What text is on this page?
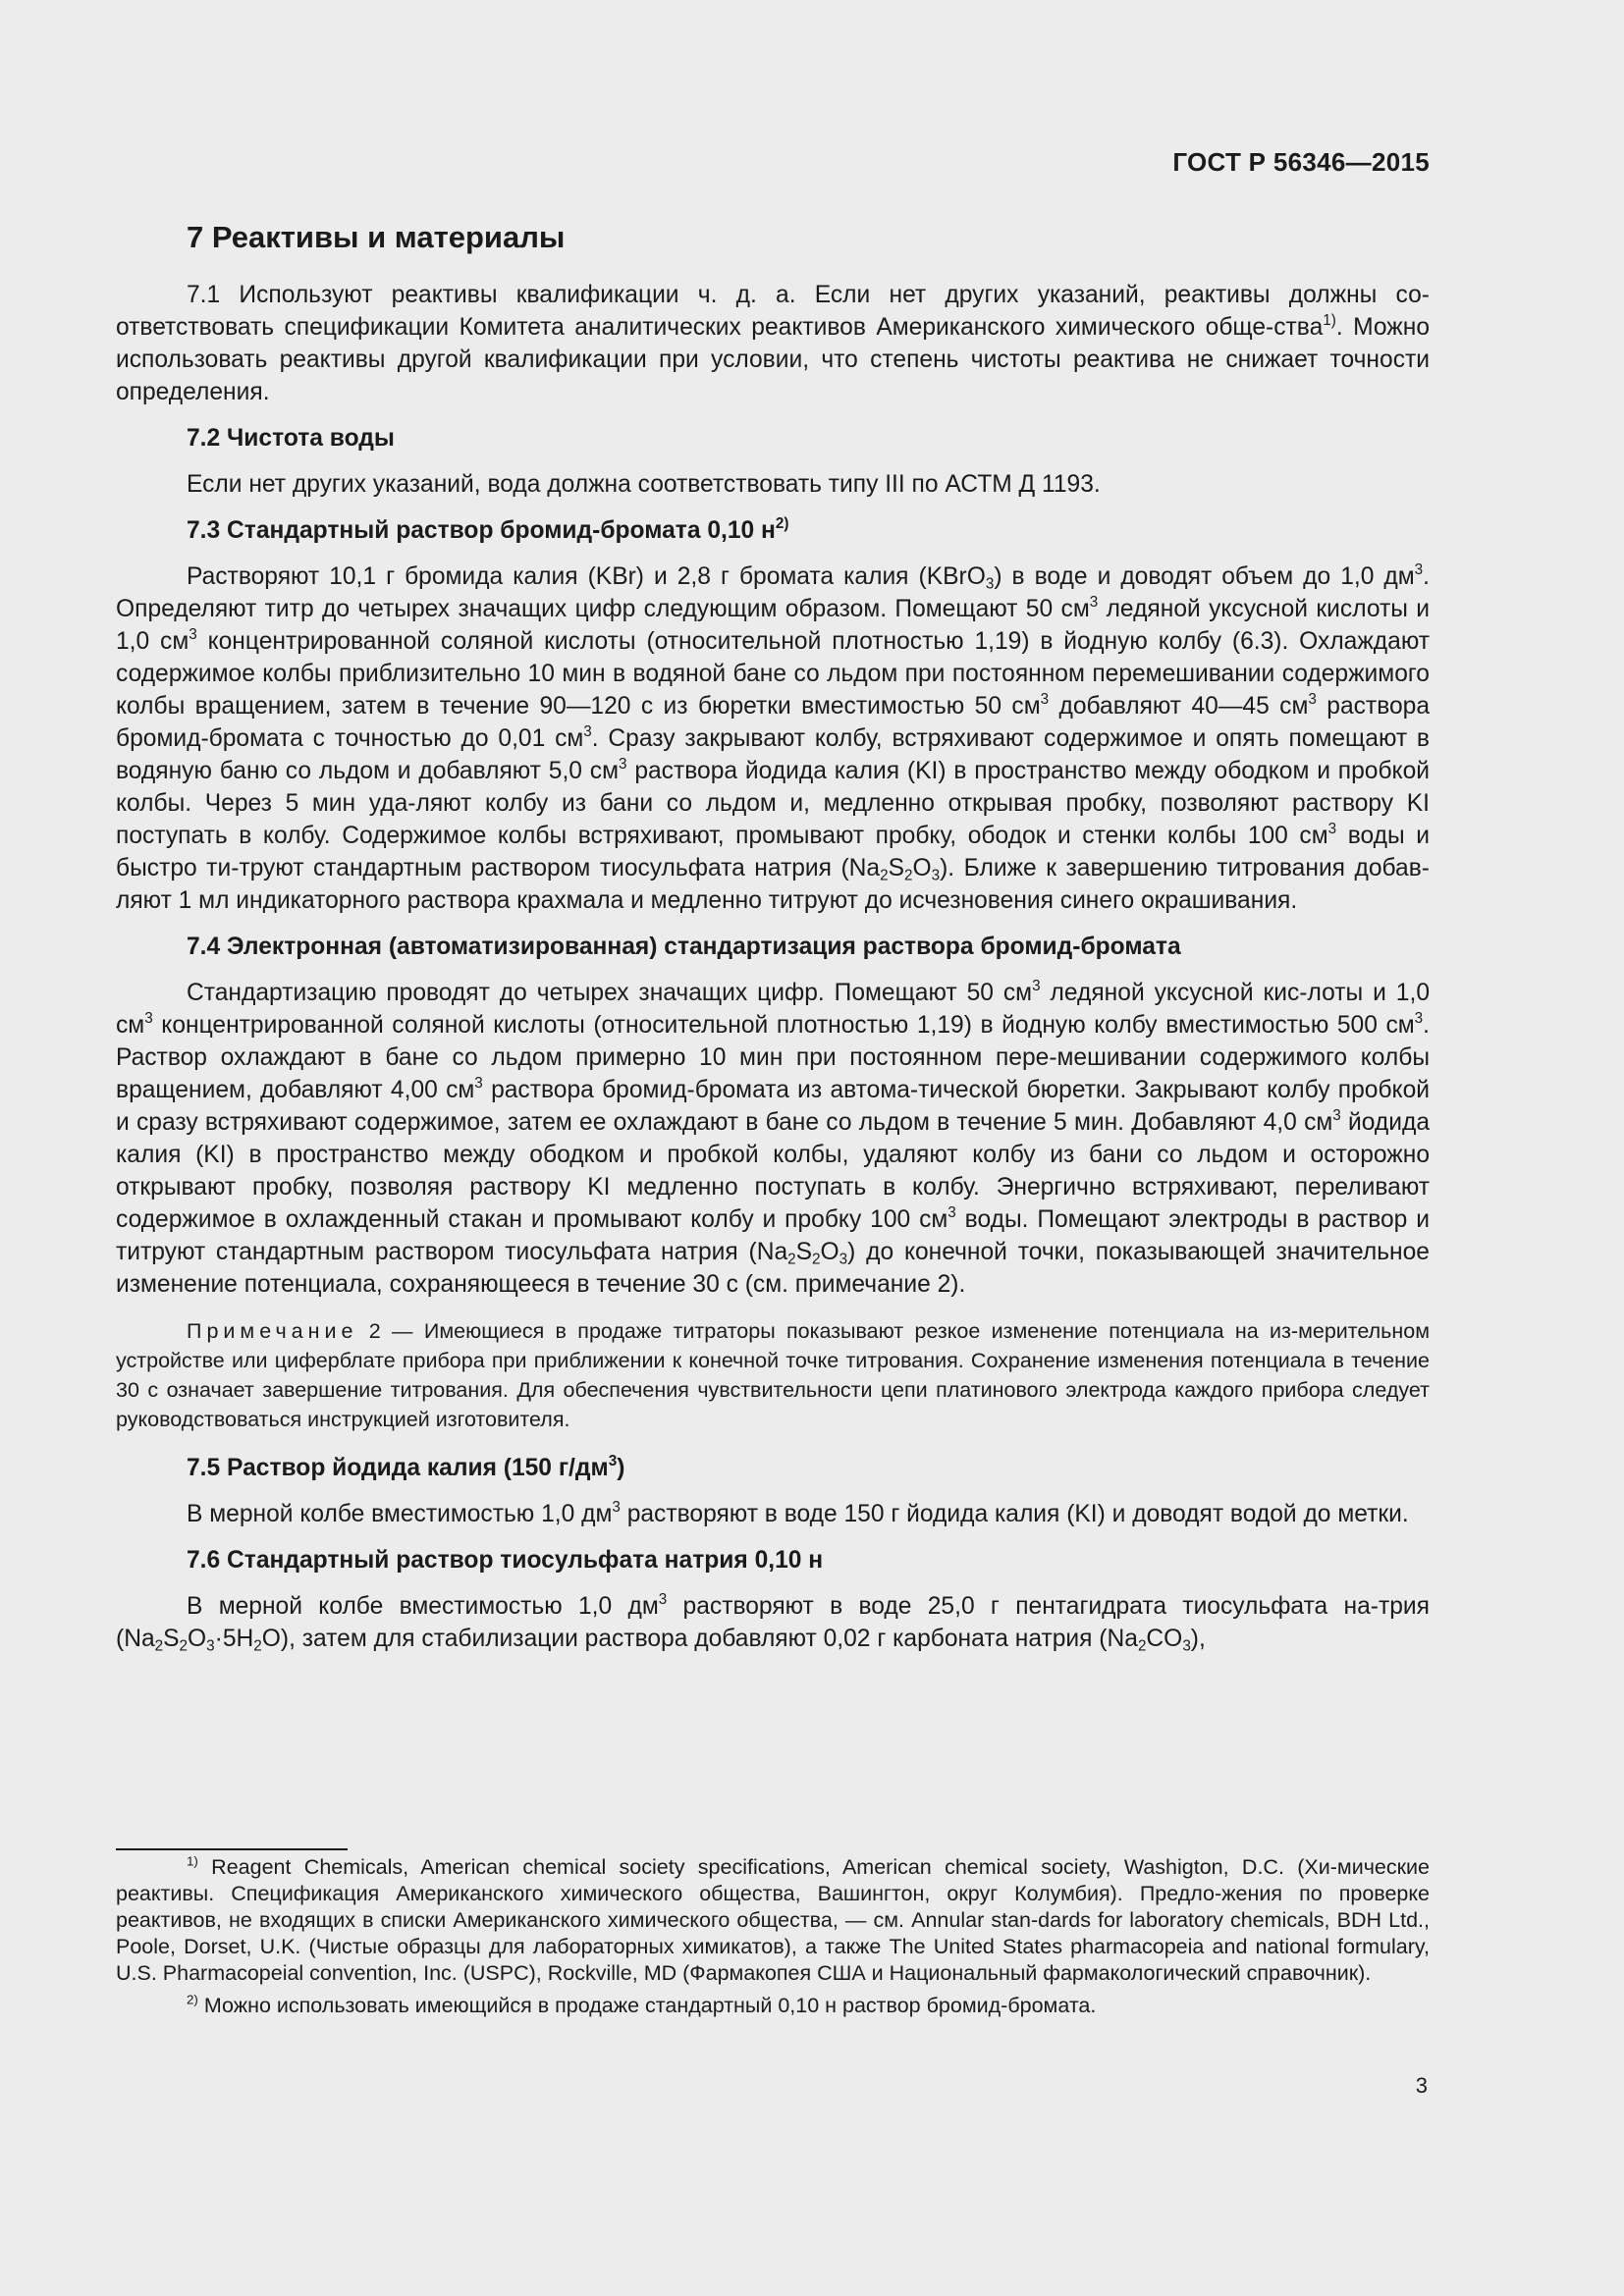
ГОСТ Р 56346—2015
7 Реактивы и материалы

7.1 Используют реактивы квалификации ч. д. а. Если нет других указаний, реактивы должны со-ответствовать спецификации Комитета аналитических реактивов Американского химического обще-ства$^{1)}$. Можно использовать реактивы другой квалификации при условии, что степень чистоты реактива не снижает точности определения.

7.2 Чистота воды

Если нет других указаний, вода должна соответствовать типу III по АСТМ Д 1193.

7.3 Стандартный раствор бромид-бромата 0,10 $н^{2)}$

Растворяют 10,1 г бромида калия (KBr) и 2,8 г бромата калия (KBrO$_3$) в воде и доводят объем до 1,0 $дм^3$. Определяют титр до четырех значащих цифр следующим образом. Помещают 50 $см^3$ ледяной уксусной кислоты и 1,0 $см^3$ концентрированной соляной кислоты (относительной плотностью 1,19) в йодную колбу (6.3). Охлаждают содержимое колбы приблизительно 10 мин в водяной бане со льдом при постоянном перемешивании содержимого колбы вращением, затем в течение 90—120 с из бюретки вместимостью 50 $см^3$ добавляют 40—45 $см^3$ раствора бромид-бромата с точностью до 0,01 $см^3$. Сразу закрывают колбу, встряхивают содержимое и опять помещают в водяную баню со льдом и добавляют 5,0 $см^3$ раствора йодида калия (KI) в пространство между ободком и пробкой колбы. Через 5 мин уда-ляют колбу из бани со льдом и, медленно открывая пробку, позволяют раствору KI поступать в колбу. Содержимое колбы встряхивают, промывают пробку, ободок и стенки колбы 100 $см^3$ воды и быстро ти-труют стандартным раствором тиосульфата натрия $(Na_2S_2O_3)$. Ближе к завершению титрования добав-ляют 1 мл индикаторного раствора крахмала и медленно титруют до исчезновения синего окрашивания.

7.4 Электронная (автоматизированная) стандартизация раствора бромид-бромата

Стандартизацию проводят до четырех значащих цифр. Помещают 50 $см^3$ ледяной уксусной кис-лоты и 1,0 $см^3$ концентрированной соляной кислоты (относительной плотностью 1,19) в йодную колбу вместимостью 500 $см^3$. Раствор охлаждают в бане со льдом примерно 10 мин при постоянном пере-мешивании содержимого колбы вращением, добавляют 4,00 $см^3$ раствора бромид-бромата из автома-тической бюретки. Закрывают колбу пробкой и сразу встряхивают содержимое, затем ее охлаждают в бане со льдом в течение 5 мин. Добавляют 4,0 $см^3$ йодида калия (KI) в пространство между ободком и пробкой колбы, удаляют колбу из бани со льдом и осторожно открывают пробку, позволяя раствору KI медленно поступать в колбу. Энергично встряхивают, переливают содержимое в охлажденный стакан и промывают колбу и пробку 100 $см^3$ воды. Помещают электроды в раствор и титруют стандартным раствором тиосульфата натрия $(Na_2S_2O_3)$ до конечной точки, показывающей значительное изменение потенциала, сохраняющееся в течение 30 с (см. примечание 2).

Примечание 2 — Имеющиеся в продаже титраторы показывают резкое изменение потенциала на из-мерительном устройстве или циферблате прибора при приближении к конечной точке титрования. Сохранение изменения потенциала в течение 30 с означает завершение титрования. Для обеспечения чувствительности цепи платинового электрода каждого прибора следует руководствоваться инструкцией изготовителя.

7.5 Раствор йодида калия (150 $г/дм^3$)

В мерной колбе вместимостью 1,0 $дм^3$ растворяют в воде 150 г йодида калия (KI) и доводят водой до метки.

7.6 Стандартный раствор тиосульфата натрия 0,10 н

В мерной колбе вместимостью 1,0 $дм^3$ растворяют в воде 25,0 г пентагидрата тиосульфата на-трия $(Na_2S_2O_3\cdot 5H_2O)$, затем для стабилизации раствора добавляют 0,02 г карбоната натрия $(Na_2CO_3)$,

$^{1)}$ Reagent Chemicals, American chemical society specifications, American chemical society, Washigton, D.C. (Хи-мические реактивы. Спецификация Американского химического общества, Вашингтон, округ Колумбия). Предло-жения по проверке реактивов, не входящих в списки Американского химического общества, — см. Annular stan-dards for laboratory chemicals, BDH Ltd., Poole, Dorset, U.K. (Чистые образцы для лабораторных химикатов), а также The United States pharmacopeia and national formulary, U.S. Pharmacopeial convention, Inc. (USPC), Rockville, MD (Фармакопея США и Национальный фармакологический справочник).

$^{2)}$ Можно использовать имеющийся в продаже стандартный 0,10 н раствор бромид-бромата.

3
